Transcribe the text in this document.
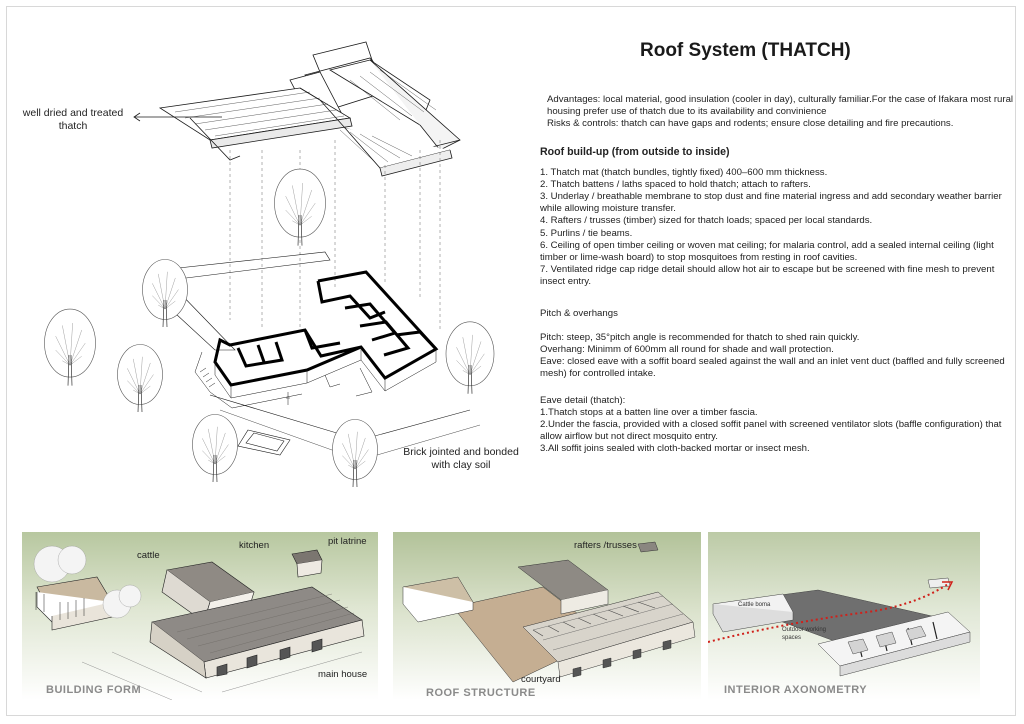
well dried and treated thatch
Brick jointed and bonded with clay soil
Roof System (THATCH)

Advantages: local material, good insulation (cooler in day), culturally familiar.For the case of Ifakara most rural housing prefer use of thatch due to its availability and convinience

Risks & controls: thatch can have gaps and rodents; ensure close detailing and fire precautions.

Roof build-up (from outside to inside)

1. Thatch mat (thatch bundles, tightly fixed) 400–600 mm thickness.

2. Thatch battens / laths spaced to hold thatch; attach to rafters.

3. Underlay / breathable membrane to stop dust and fine material ingress and add secondary weather barrier while allowing moisture transfer.

4. Rafters / trusses (timber) sized for thatch loads; spaced per local standards.

5. Purlins / tie beams.

6. Ceiling of open timber ceiling or woven mat ceiling; for malaria control, add a sealed internal ceiling (light timber or lime-wash board) to stop mosquitoes from resting in roof cavities.

7. Ventilated ridge cap ridge detail should allow hot air to escape but be screened with fine mesh to prevent insect entry.

Pitch & overhangs

Pitch: steep, 35°pitch angle is recommended for thatch to shed rain quickly.

Overhang: Minimm of 600mm all round for shade and wall protection.

Eave: closed eave with a soffit board sealed against the wall and an inlet vent duct (baffled and fully screened mesh) for controlled intake.

Eave detail (thatch):

1.Thatch stops at a batten line over a timber fascia.

2.Under the fascia, provided with a closed soffit panel with screened ventilator slots (baffle configuration) that allow airflow but not direct mosquito entry.

3.All soffit joins sealed with cloth-backed mortar or insect mesh.

cattle
kitchen	pit latrine
main house
BUILDING FORM
rafters /trusses
courtyard
ROOF STRUCTURE
Cattle boma
Outdoor working spaces
INTERIOR AXONOMETRY
